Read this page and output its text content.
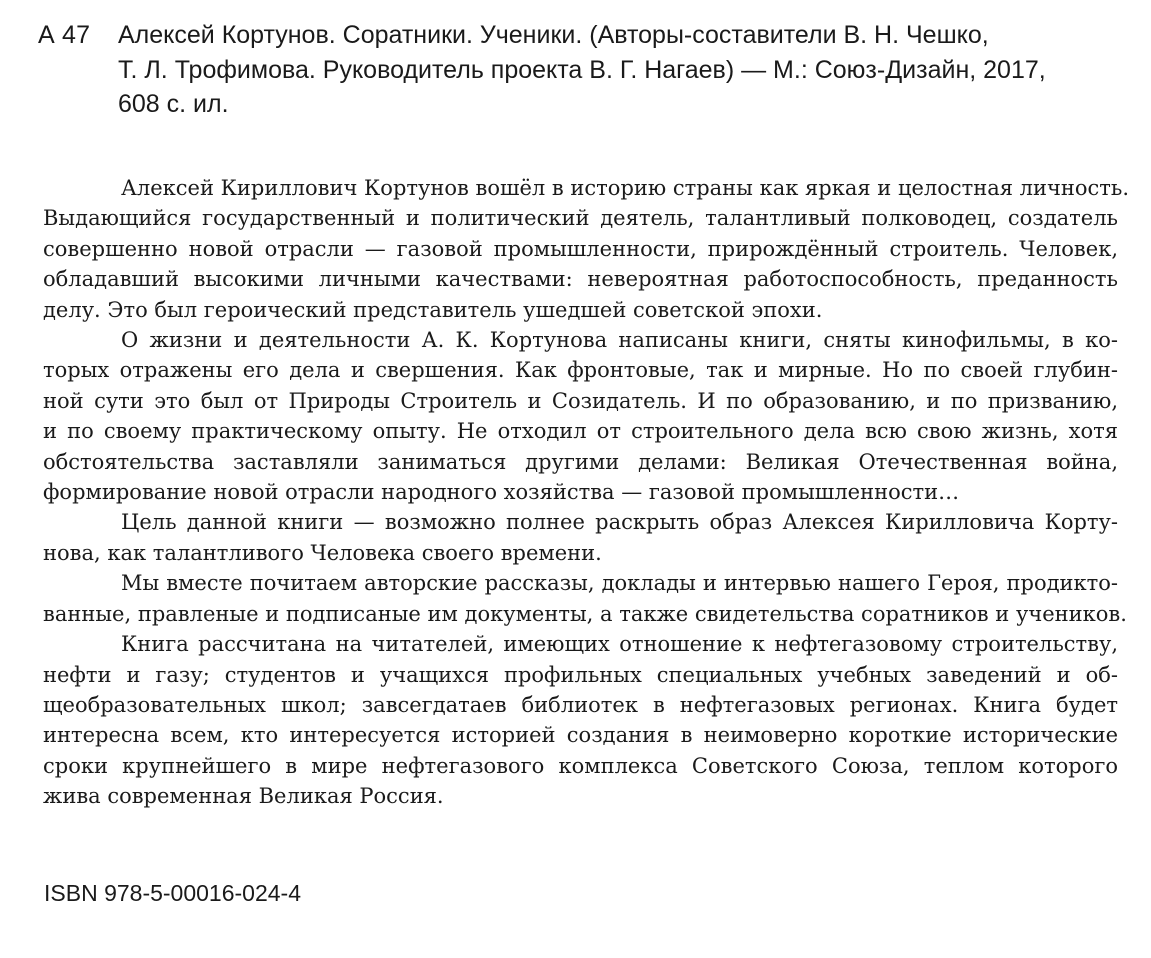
А 47 Алексей Кортунов. Соратники. Ученики. (Авторы-составители В. Н. Чешко,
Т. Л. Трофимова. Руководитель проекта В. Г. Нагаев) — М.: Союз-Дизайн, 2017,
608 с. ил.
Алексей Кириллович Кортунов вошёл в историю страны как яркая и целостная личность.
Выдающийся государственный и политический деятель, талантливый полководец, создатель
совершенно новой отрасли — газовой промышленности, прирождённый строитель. Человек,
обладавший высокими личными качествами: невероятная работоспособность, преданность
делу. Это был героический представитель ушедшей советской эпохи.
О жизни и деятельности А. К. Кортунова написаны книги, сняты кинофильмы, в ко-
торых отражены его дела и свершения. Как фронтовые, так и мирные. Но по своей глубин-
ной сути это был от Природы Строитель и Созидатель. И по образованию, и по призванию,
и по своему практическому опыту. Не отходил от строительного дела всю свою жизнь, хотя
обстоятельства заставляли заниматься другими делами: Великая Отечественная война,
формирование новой отрасли народного хозяйства — газовой промышленности…
Цель данной книги — возможно полнее раскрыть образ Алексея Кирилловича Корту-
нова, как талантливого Человека своего времени.
Мы вместе почитаем авторские рассказы, доклады и интервью нашего Героя, продикто-
ванные, правленые и подписаные им документы, а также свидетельства соратников и учеников.
Книга рассчитана на читателей, имеющих отношение к нефтегазовому строительству,
нефти и газу; студентов и учащихся профильных специальных учебных заведений и об-
щеобразовательных школ; завсегдатаев библиотек в нефтегазовых регионах. Книга будет
интересна всем, кто интересуется историей создания в неимоверно короткие исторические
сроки крупнейшего в мире нефтегазового комплекса Советского Союза, теплом которого
жива современная Великая Россия.
ISBN 978-5-00016-024-4
